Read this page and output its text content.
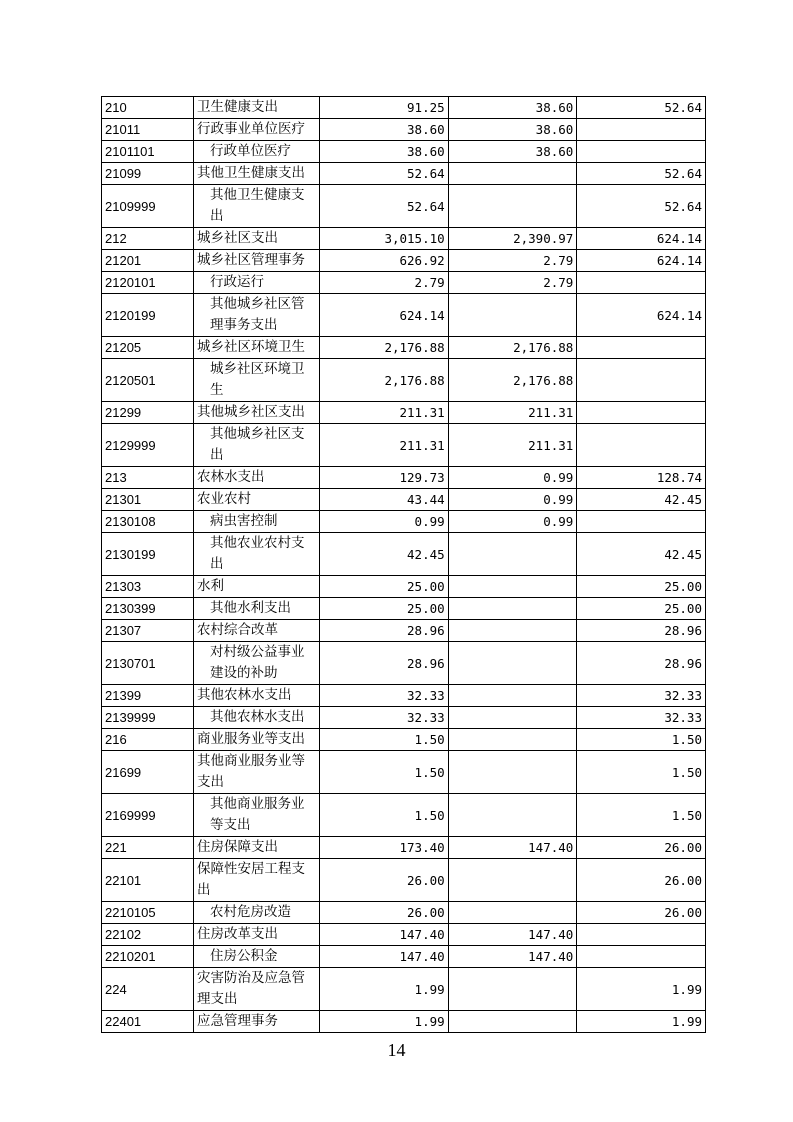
210	卫生健康支出	91.25	38.60	52.64
21011	行政事业单位医疗	38.60	38.60	
2101101	行政单位医疗	38.60	38.60	
21099	其他卫生健康支出	52.64		52.64
2109999	其他卫生健康支出	52.64		52.64
212	城乡社区支出	3,015.10	2,390.97	624.14
21201	城乡社区管理事务	626.92	2.79	624.14
2120101	行政运行	2.79	2.79	
2120199	其他城乡社区管理事务支出	624.14		624.14
21205	城乡社区环境卫生	2,176.88	2,176.88	
2120501	城乡社区环境卫生	2,176.88	2,176.88	
21299	其他城乡社区支出	211.31	211.31	
2129999	其他城乡社区支出	211.31	211.31	
213	农林水支出	129.73	0.99	128.74
21301	农业农村	43.44	0.99	42.45
2130108	病虫害控制	0.99	0.99	
2130199	其他农业农村支出	42.45		42.45
21303	水利	25.00		25.00
2130399	其他水利支出	25.00		25.00
21307	农村综合改革	28.96		28.96
2130701	对村级公益事业建设的补助	28.96		28.96
21399	其他农林水支出	32.33		32.33
2139999	其他农林水支出	32.33		32.33
216	商业服务业等支出	1.50		1.50
21699	其他商业服务业等支出	1.50		1.50
2169999	其他商业服务业等支出	1.50		1.50
221	住房保障支出	173.40	147.40	26.00
22101	保障性安居工程支出	26.00		26.00
2210105	农村危房改造	26.00		26.00
22102	住房改革支出	147.40	147.40	
2210201	住房公积金	147.40	147.40	
224	灾害防治及应急管理支出	1.99		1.99
22401	应急管理事务	1.99		1.99
14
